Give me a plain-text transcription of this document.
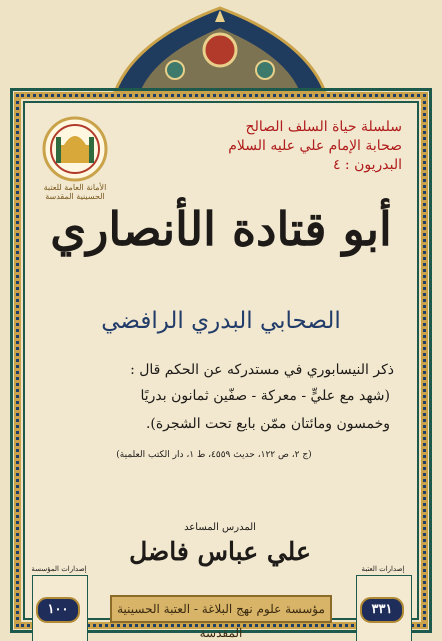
سلسلة حياة السلف الصالح
صحابة الإمام علي عليه السلام
البدريون : ٤
الأمانة العامة للعتبة الحسينية المقدسة
أبو قتادة الأنصاري
الصحابي البدري الرافضي
ذكر النيسابوري في مستدركه عن الحكم قال :
(شهد مع عليٍّ - معركة - صفّين ثمانون بدريًا
وخمسون ومائتان ممّن بايع تحت الشجرة).
(ج ٢، ص ١٢٢، حديث ٤٥٥٩، ط ١، دار الكتب العلمية)
المدرس المساعد
علي عباس فاضل
إصدارات المؤسسة
١٠٠
إصدارات العتبة
٣٣١
مؤسسة علوم نهج البلاغة - العتبة الحسينية المقدسة
